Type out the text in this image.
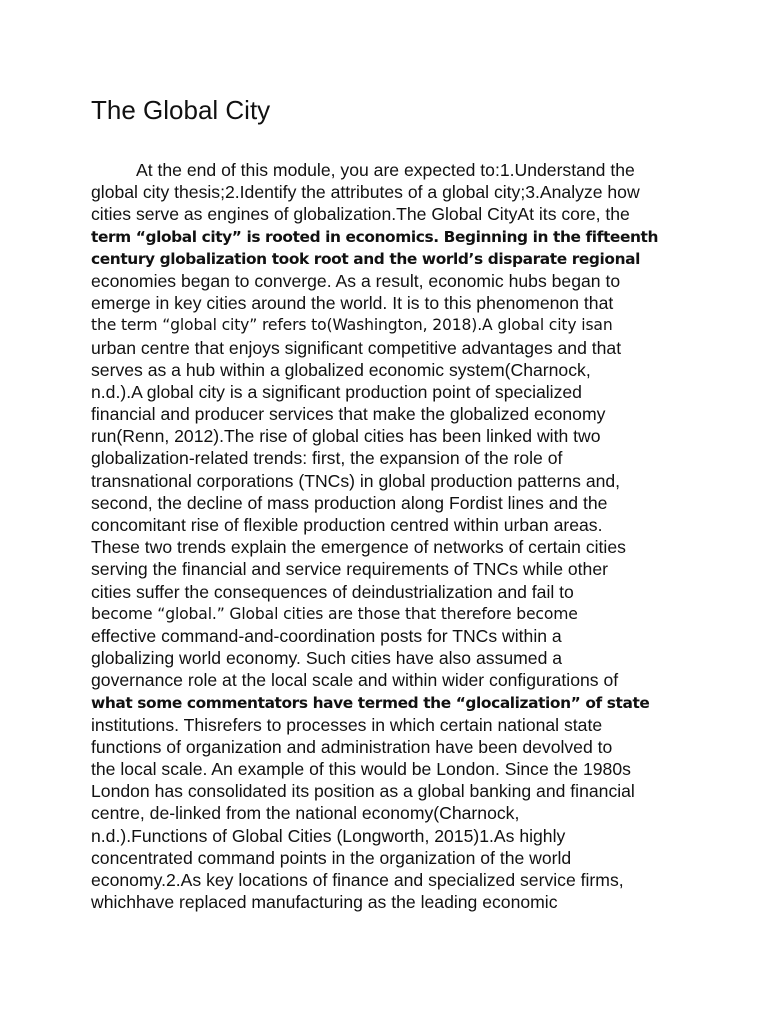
The Global City
At the end of this module, you are expected to:1.Understand the
global city thesis;2.Identify the attributes of a global city;3.Analyze how
cities serve as engines of globalization.The Global CityAt its core, the
term “global city” is rooted in economics. Beginning in the fifteenth
century globalization took root and the world’s disparate regional
economies began to converge. As a result, economic hubs began to
emerge in key cities around the world. It is to this phenomenon that
the term “global city” refers to(Washington, 2018).A global city isan
urban centre that enjoys significant competitive advantages and that
serves as a hub within a globalized economic system(Charnock,
n.d.).A global city is a significant production point of specialized
financial and producer services that make the globalized economy
run(Renn, 2012).The rise of global cities has been linked with two
globalization-related trends: first, the expansion of the role of
transnational corporations (TNCs) in global production patterns and,
second, the decline of mass production along Fordist lines and the
concomitant rise of flexible production centred within urban areas.
These two trends explain the emergence of networks of certain cities
serving the financial and service requirements of TNCs while other
cities suffer the consequences of deindustrialization and fail to
become “global.” Global cities are those that therefore become
effective command-and-coordination posts for TNCs within a
globalizing world economy. Such cities have also assumed a
governance role at the local scale and within wider configurations of
what some commentators have termed the “glocalization” of state
institutions. Thisrefers to processes in which certain national state
functions of organization and administration have been devolved to
the local scale. An example of this would be London. Since the 1980s
London has consolidated its position as a global banking and financial
centre, de-linked from the national economy(Charnock,
n.d.).Functions of Global Cities (Longworth, 2015)1.As highly
concentrated command points in the organization of the world
economy.2.As key locations of finance and specialized service firms,
whichhave replaced manufacturing as the leading economic
